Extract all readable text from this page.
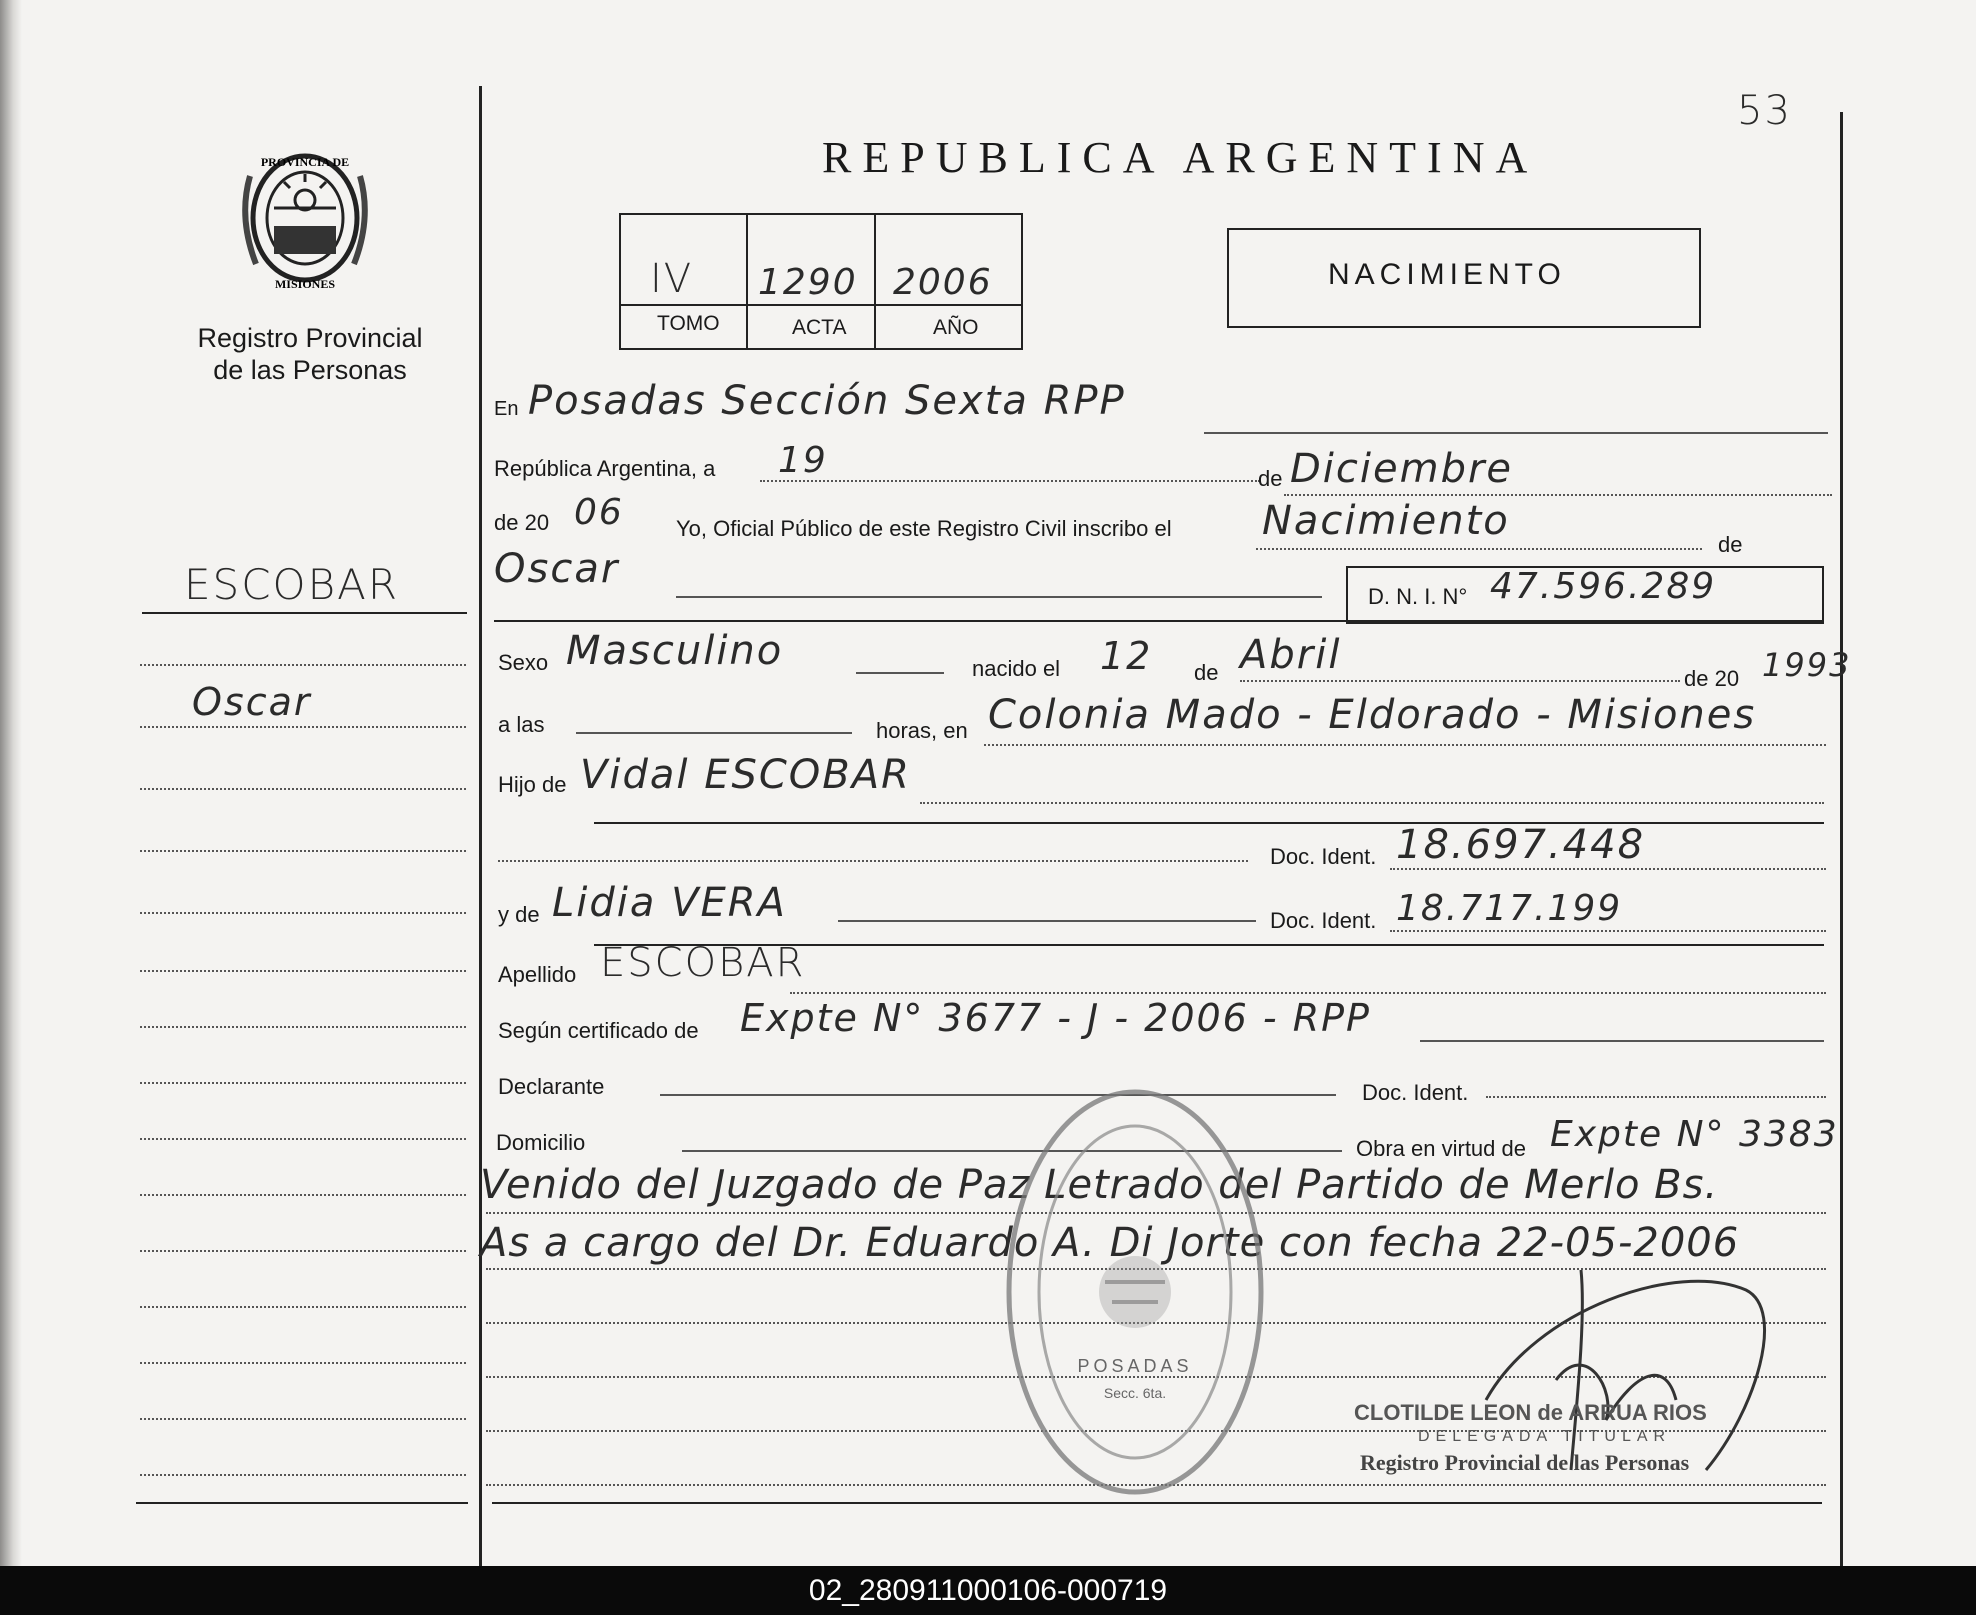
53
PROVINCIA DE
MISIONES
Registro Provincial
de las Personas
REPUBLICA ARGENTINA
IV 1290 2006
TOMO	ACTA	AÑO
NACIMIENTO
ESCOBAR
Oscar
En Posadas Sección Sexta RPP
República Argentina, a 19	de Diciembre
de 20 06 Yo, Oficial Público de este Registro Civil inscribo el Nacimiento
de
Oscar
D. N. I. N° 47.596.289
Sexo Masculino	nacido el 12 de Abril
de 20 1993
a las	horas, en Colonia Mado - Eldorado - Misiones
Hijo de Vidal ESCOBAR
Doc. Ident. 18.697.448
y de Lidia VERA	Doc. Ident. 18.717.199
Apellido ESCOBAR
Según certificado de Expte N° 3677 - J - 2006 - RPP
Declarante	Doc. Ident.
Domicilio	Obra en virtud de Expte N° 3383
Venido del Juzgado de Paz Letrado del Partido de Merlo Bs.
As a cargo del Dr. Eduardo A. Di Jorte con fecha 22-05-2006
POSADAS
Secc. 6ta.
CLOTILDE LEON de ARRUA RIOS
DELEGADA TITULAR
Registro Provincial de las Personas
02_280911000106-000719
